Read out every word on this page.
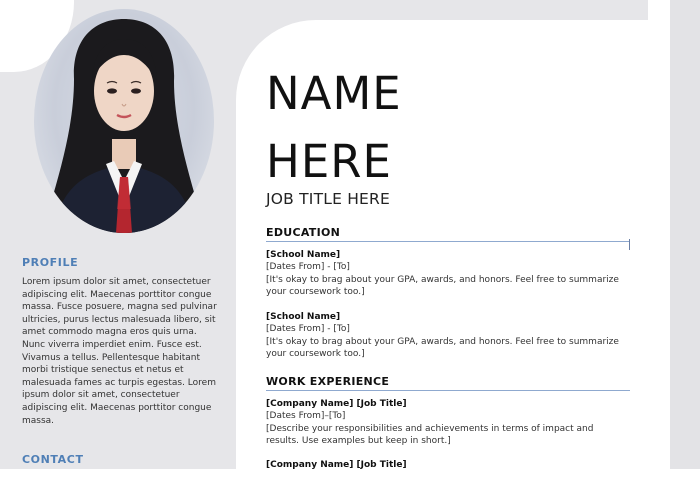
PROFILE
Lorem ipsum dolor sit amet, consectetuer adipiscing elit. Maecenas porttitor congue massa. Fusce posuere, magna sed pulvinar ultricies, purus lectus malesuada libero, sit amet commodo magna eros quis urna. Nunc viverra imperdiet enim. Fusce est. Vivamus a tellus. Pellentesque habitant morbi tristique senectus et netus et malesuada fames ac turpis egestas. Lorem ipsum dolor sit amet, consectetuer adipiscing elit. Maecenas porttitor congue massa.
CONTACT
NAME
HERE
JOB TITLE HERE
EDUCATION
[School Name]
[Dates From] - [To]
[It's okay to brag about your GPA, awards, and honors. Feel free to summarize your coursework too.]
[School Name]
[Dates From] - [To]
[It's okay to brag about your GPA, awards, and honors. Feel free to summarize your coursework too.]
WORK EXPERIENCE
[Company Name] [Job Title]
[Dates From]–[To]
[Describe your responsibilities and achievements in terms of impact and results. Use examples but keep in short.]
[Company Name] [Job Title]
